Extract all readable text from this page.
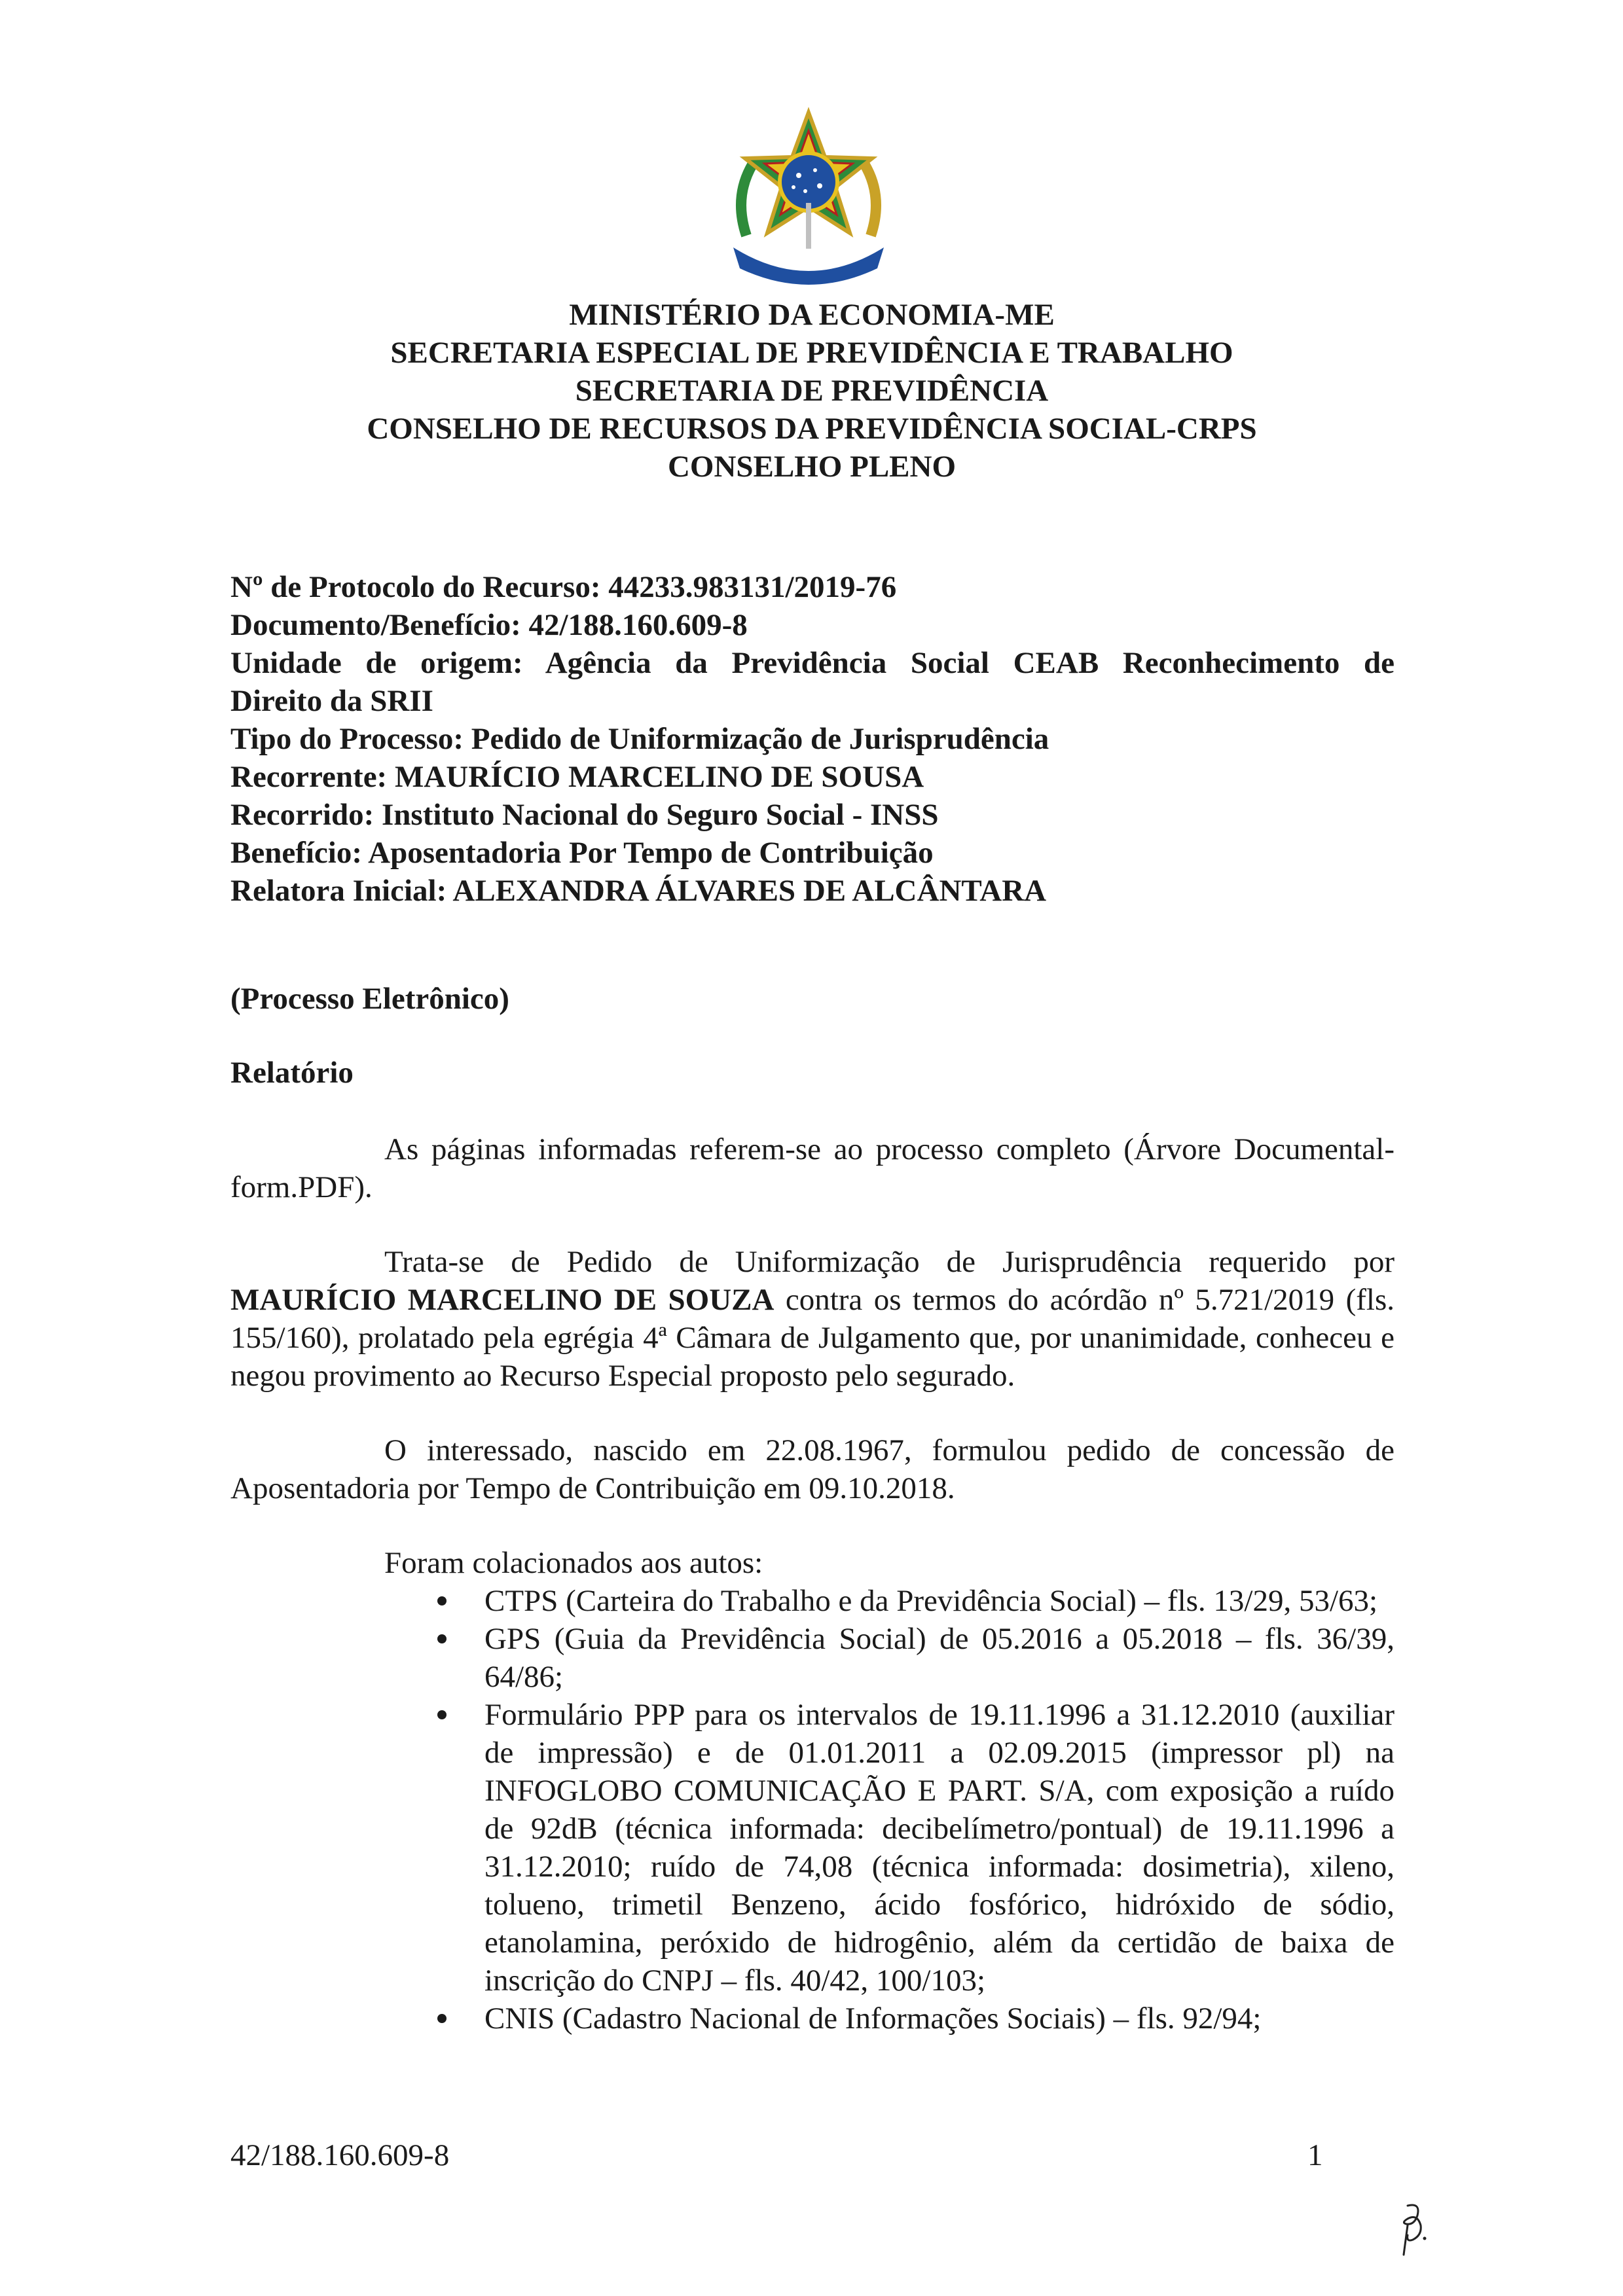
MINISTÉRIO DA ECONOMIA-ME
SECRETARIA ESPECIAL DE PREVIDÊNCIA E TRABALHO
SECRETARIA DE PREVIDÊNCIA
CONSELHO DE RECURSOS DA PREVIDÊNCIA SOCIAL-CRPS
CONSELHO PLENO
Nº de Protocolo do Recurso: 44233.983131/2019-76
Documento/Benefício: 42/188.160.609-8
Unidade de origem: Agência da Previdência Social CEAB Reconhecimento de
Direito da SRII
Tipo do Processo: Pedido de Uniformização de Jurisprudência
Recorrente: MAURÍCIO MARCELINO DE SOUSA
Recorrido: Instituto Nacional do Seguro Social - INSS
Benefício: Aposentadoria Por Tempo de Contribuição
Relatora Inicial: ALEXANDRA ÁLVARES DE ALCÂNTARA
(Processo Eletrônico)
Relatório

As páginas informadas referem-se ao processo completo (Árvore Documental-form.PDF).

Trata-se de Pedido de Uniformização de Jurisprudência requerido por MAURÍCIO MARCELINO DE SOUZA contra os termos do acórdão nº 5.721/2019 (fls. 155/160), prolatado pela egrégia 4ª Câmara de Julgamento que, por unanimidade, conheceu e negou provimento ao Recurso Especial proposto pelo segurado.

O interessado, nascido em 22.08.1967, formulou pedido de concessão de Aposentadoria por Tempo de Contribuição em 09.10.2018.

Foram colacionados aos autos:

CTPS (Carteira do Trabalho e da Previdência Social) – fls. 13/29, 53/63;
GPS (Guia da Previdência Social) de 05.2016 a 05.2018 – fls. 36/39, 64/86;
Formulário PPP para os intervalos de 19.11.1996 a 31.12.2010 (auxiliar de impressão) e de 01.01.2011 a 02.09.2015 (impressor pl) na INFOGLOBO COMUNICAÇÃO E PART. S/A, com exposição a ruído de 92dB (técnica informada: decibelímetro/pontual) de 19.11.1996 a 31.12.2010; ruído de 74,08 (técnica informada: dosimetria), xileno, tolueno, trimetil Benzeno, ácido fosfórico, hidróxido de sódio, etanolamina, peróxido de hidrogênio, além da certidão de baixa de inscrição do CNPJ – fls. 40/42, 100/103;
CNIS (Cadastro Nacional de Informações Sociais) – fls. 92/94;
42/188.160.609-8	1
